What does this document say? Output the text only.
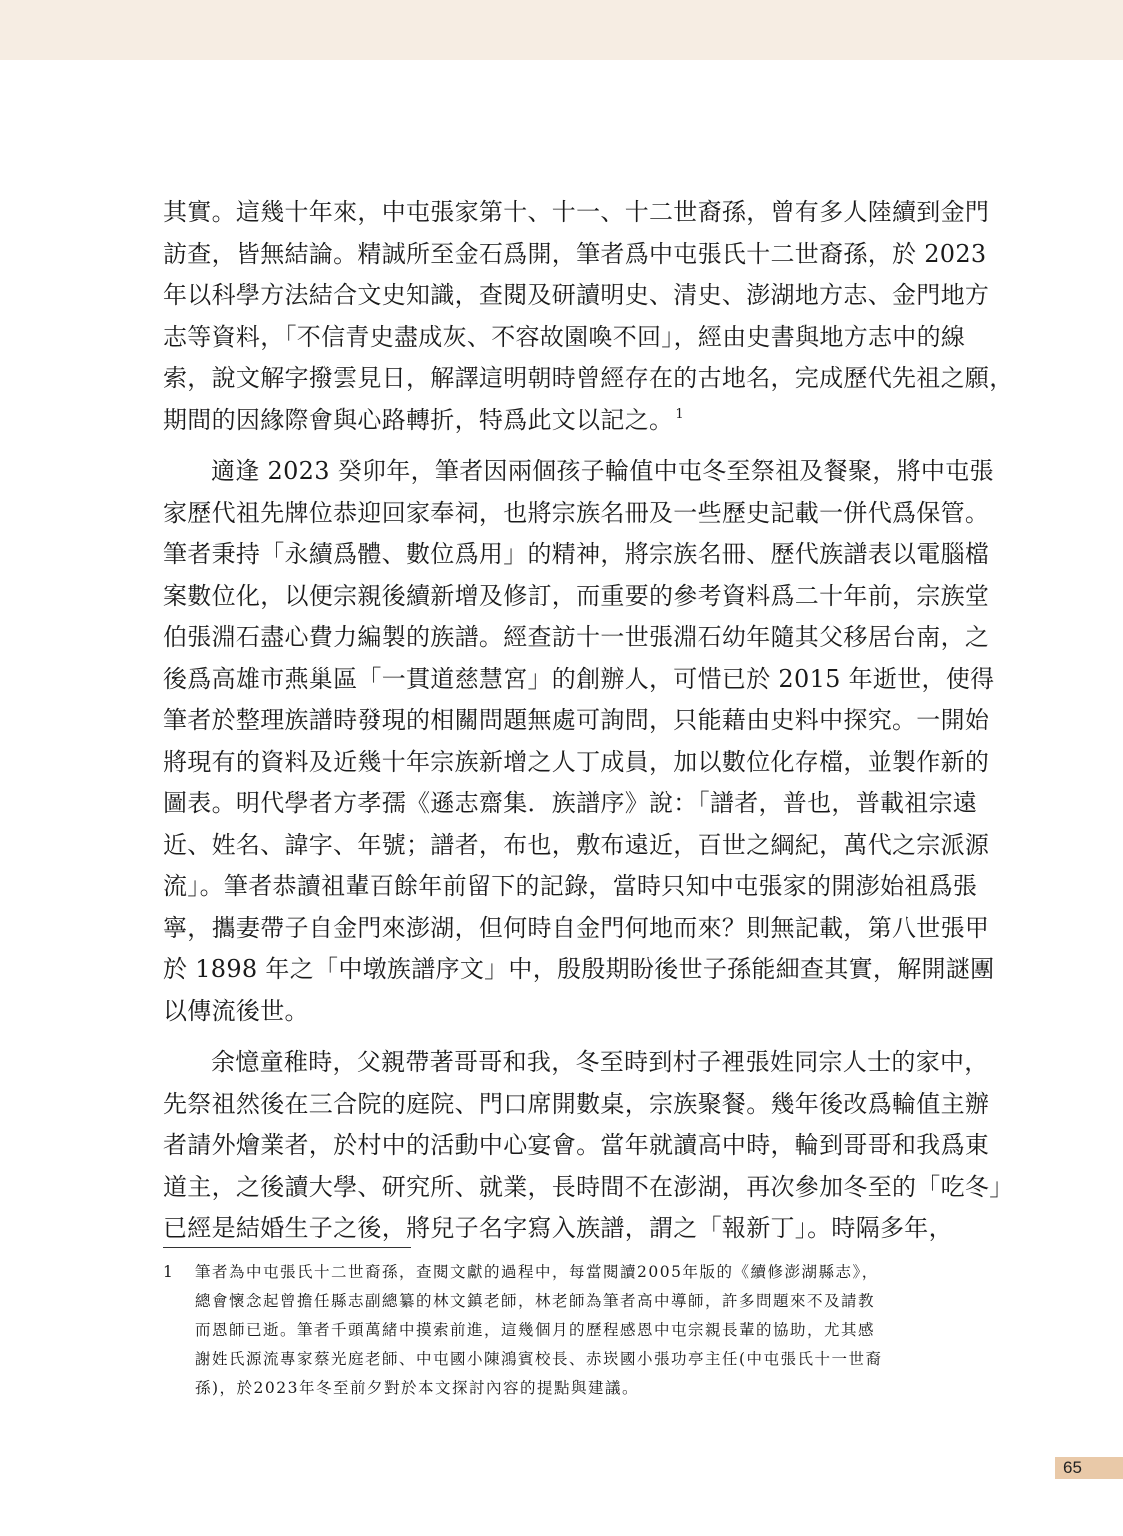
其實。這幾十年來，中屯張家第十、十一、十二世裔孫，曾有多人陸續到金門
訪查，皆無結論。精誠所至金石爲開，筆者爲中屯張氏十二世裔孫，於 2023
年以科學方法結合文史知識，查閱及研讀明史、清史、澎湖地方志、金門地方
志等資料，「不信青史盡成灰、不容故園喚不回」，經由史書與地方志中的線
索，說文解字撥雲見日，解譯這明朝時曾經存在的古地名，完成歷代先祖之願，
期間的因緣際會與心路轉折，特爲此文以記之。 $^1$
適逢 2023 癸卯年，筆者因兩個孩子輪值中屯冬至祭祖及餐聚，將中屯張
家歷代祖先牌位恭迎回家奉祠，也將宗族名冊及一些歷史記載一併代爲保管。
筆者秉持「永續爲體、數位爲用」的精神，將宗族名冊、歷代族譜表以電腦檔
案數位化，以便宗親後續新增及修訂，而重要的參考資料爲二十年前，宗族堂
伯張淵石盡心費力編製的族譜。經查訪十一世張淵石幼年隨其父移居台南，之
後爲高雄市燕巢區「一貫道慈慧宮」的創辦人，可惜已於 2015 年逝世，使得
筆者於整理族譜時發現的相關問題無處可詢問，只能藉由史料中探究。一開始
將現有的資料及近幾十年宗族新增之人丁成員，加以數位化存檔，並製作新的
圖表。明代學者方孝孺《遜志齋集．族譜序》說：「譜者，普也，普載祖宗遠
近、姓名、諱字、年號；譜者，布也，敷布遠近，百世之綱紀，萬代之宗派源
流」。筆者恭讀祖輩百餘年前留下的記錄，當時只知中屯張家的開澎始祖爲張
寧，攜妻帶子自金門來澎湖，但何時自金門何地而來？則無記載，第八世張甲
於 1898 年之「中墩族譜序文」中，殷殷期盼後世子孫能細查其實，解開謎團
以傳流後世。
余憶童稚時，父親帶著哥哥和我，冬至時到村子裡張姓同宗人士的家中，
先祭祖然後在三合院的庭院、門口席開數桌，宗族聚餐。幾年後改爲輪值主辦
者請外燴業者，於村中的活動中心宴會。當年就讀高中時，輪到哥哥和我爲東
道主，之後讀大學、研究所、就業，長時間不在澎湖，再次參加冬至的「吃冬」
已經是結婚生子之後，將兒子名字寫入族譜，謂之「報新丁」。時隔多年，
1 筆者為中屯張氏十二世裔孫，查閱文獻的過程中，每當閱讀2005年版的《續修澎湖縣志》，
總會懷念起曾擔任縣志副總纂的林文鎮老師，林老師為筆者高中導師，許多問題來不及請教
而恩師已逝。筆者千頭萬緒中摸索前進，這幾個月的歷程感恩中屯宗親長輩的協助，尤其感
謝姓氏源流專家蔡光庭老師、中屯國小陳鴻賓校長、赤崁國小張功亭主任(中屯張氏十一世裔
孫)，於2023年冬至前夕對於本文探討內容的提點與建議。
65
